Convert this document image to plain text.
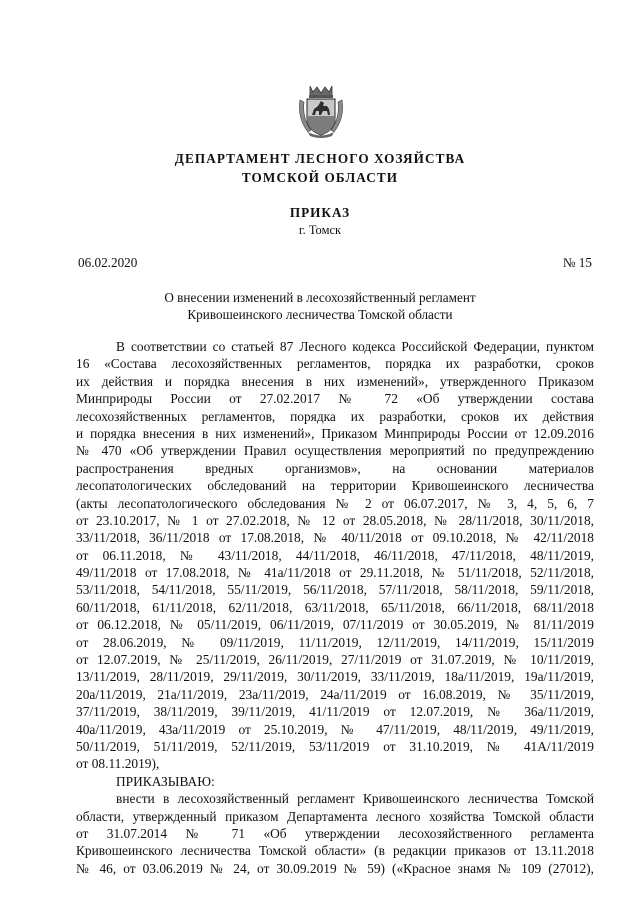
ДЕПАРТАМЕНТ ЛЕСНОГО ХОЗЯЙСТВА
ТОМСКОЙ ОБЛАСТИ
ПРИКАЗ
г. Томск
06.02.2020	№ 15
О внесении изменений в лесохозяйственный регламент
Кривошеинского лесничества Томской области
В соответствии со статьей 87 Лесного кодекса Российской Федерации, пунктом
16 «Состава лесохозяйственных регламентов, порядка их разработки, сроков
их действия и порядка внесения в них изменений», утвержденного Приказом
Минприроды России от 27.02.2017 № 72 «Об утверждении состава
лесохозяйственных регламентов, порядка их разработки, сроков их действия
и порядка внесения в них изменений», Приказом Минприроды России от 12.09.2016
№ 470 «Об утверждении Правил осуществления мероприятий по предупреждению
распространения вредных организмов», на основании материалов
лесопатологических обследований на территории Кривошеинского лесничества
(акты лесопатологического обследования № 2 от 06.07.2017, № 3, 4, 5, 6, 7
от 23.10.2017, № 1 от 27.02.2018, № 12 от 28.05.2018, № 28/11/2018, 30/11/2018,
33/11/2018, 36/11/2018 от 17.08.2018, № 40/11/2018 от 09.10.2018, № 42/11/2018
от 06.11.2018, № 43/11/2018, 44/11/2018, 46/11/2018, 47/11/2018, 48/11/2019,
49/11/2018 от 17.08.2018, № 41а/11/2018 от 29.11.2018, № 51/11/2018, 52/11/2018,
53/11/2018, 54/11/2018, 55/11/2019, 56/11/2018, 57/11/2018, 58/11/2018, 59/11/2018,
60/11/2018, 61/11/2018, 62/11/2018, 63/11/2018, 65/11/2018, 66/11/2018, 68/11/2018
от 06.12.2018, № 05/11/2019, 06/11/2019, 07/11/2019 от 30.05.2019, № 81/11/2019
от 28.06.2019, № 09/11/2019, 11/11/2019, 12/11/2019, 14/11/2019, 15/11/2019
от 12.07.2019, № 25/11/2019, 26/11/2019, 27/11/2019 от 31.07.2019, № 10/11/2019,
13/11/2019, 28/11/2019, 29/11/2019, 30/11/2019, 33/11/2019, 18а/11/2019, 19а/11/2019,
20а/11/2019, 21а/11/2019, 23а/11/2019, 24а/11/2019 от 16.08.2019, № 35/11/2019,
37/11/2019, 38/11/2019, 39/11/2019, 41/11/2019 от 12.07.2019, № 36а/11/2019,
40а/11/2019, 43а/11/2019 от 25.10.2019, № 47/11/2019, 48/11/2019, 49/11/2019,
50/11/2019, 51/11/2019, 52/11/2019, 53/11/2019 от 31.10.2019, № 41А/11/2019
от 08.11.2019),
ПРИКАЗЫВАЮ:
внести в лесохозяйственный регламент Кривошеинского лесничества Томской
области, утвержденный приказом Департамента лесного хозяйства Томской области
от 31.07.2014 № 71 «Об утверждении лесохозяйственного регламента
Кривошеинского лесничества Томской области» (в редакции приказов от 13.11.2018
№ 46, от 03.06.2019 № 24, от 30.09.2019 № 59) («Красное знамя № 109 (27012),
